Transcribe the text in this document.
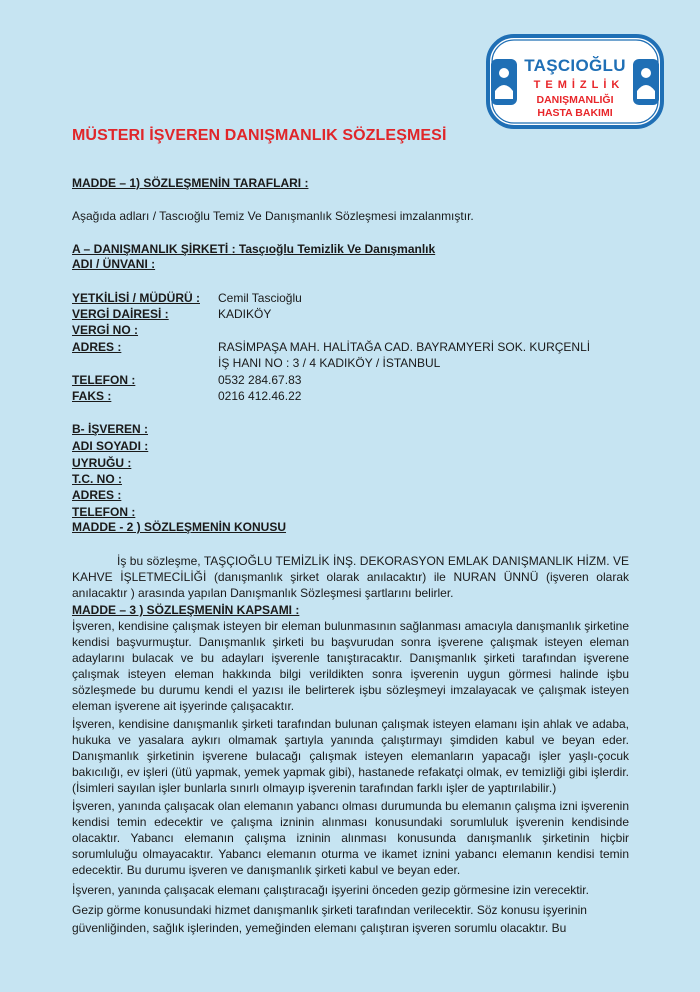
TAŞCIOĞLU
TEMİZLİK
DANIŞMANLIĞI
HASTA BAKIMI
MÜSTERI İŞVEREN DANIŞMANLIK SÖZLEŞMESİ
MADDE – 1) SÖZLEŞMENİN TARAFLARI :
Aşağıda adları / Tascıoğlu Temiz Ve Danışmanlık Sözleşmesi imzalanmıştır.
A – DANIŞMANLIK ŞİRKETİ : Tasçıoğlu Temizlik Ve Danışmanlık
ADI / ÜNVANI :
YETKİLİSİ / MÜDÜRÜ : Cemil Tascioğlu
VERGİ DAİRESİ :	KADIKÖY
VERGİ NO :
ADRES :	RASİMPAŞA MAH. HALİTAĞA CAD. BAYRAMYERİ SOK. KURÇENLİ
İŞ HANI NO : 3 / 4 KADIKÖY / İSTANBUL
TELEFON :	0532 284.67.83
FAKS :	0216 412.46.22
B- İŞVEREN :
ADI SOYADI :
UYRUĞU :
T.C. NO :
ADRES :
TELEFON :
MADDE - 2 ) SÖZLEŞMENİN KONUSU
İş bu sözleşme, TAŞÇIOĞLU TEMİZLİK İNŞ. DEKORASYON EMLAK DANIŞMANLIK HİZM. VE KAHVE İŞLETMECİLİĞİ (danışmanlık şirket olarak anılacaktır) ile NURAN ÜNNÜ (işveren olarak anılacaktır ) arasında yapılan Danışmanlık Sözleşmesi şartlarını belirler.
MADDE – 3 ) SÖZLEŞMENİN KAPSAMI :
İşveren, kendisine çalışmak isteyen bir eleman bulunmasının sağlanması amacıyla danışmanlık şirketine kendisi başvurmuştur. Danışmanlık şirketi bu başvurudan sonra işverene çalışmak isteyen eleman adaylarını bulacak ve bu adayları işverenle tanıştıracaktır. Danışmanlık şirketi tarafından işverene çalışmak isteyen eleman hakkında bilgi verildikten sonra işverenin uygun görmesi halinde işbu sözleşmede bu durumu kendi el yazısı ile belirterek işbu sözleşmeyi imzalayacak ve çalışmak isteyen eleman işverene ait işyerinde çalışacaktır.
İşveren, kendisine danışmanlık şirketi tarafından bulunan çalışmak isteyen elamanı işin ahlak ve adaba, hukuka ve yasalara aykırı olmamak şartıyla yanında çalıştırmayı şimdiden kabul ve beyan eder. Danışmanlık şirketinin işverene bulacağı çalışmak isteyen elemanların yapacağı işler yaşlı-çocuk bakıcılığı, ev işleri (ütü yapmak, yemek yapmak gibi), hastanede refakatçi olmak, ev temizliği gibi işlerdir. (İsimleri sayılan işler bunlarla sınırlı olmayıp işverenin tarafından farklı işler de yaptırılabilir.)
İşveren, yanında çalışacak olan elemanın yabancı olması durumunda bu elemanın çalışma izni işverenin kendisi temin edecektir ve çalışma izninin alınması konusundaki sorumluluk işverenin kendisinde olacaktır. Yabancı elemanın çalışma izninin alınması konusunda danışmanlık şirketinin hiçbir sorumluluğu olmayacaktır. Yabancı elemanın oturma ve ikamet iznini yabancı elemanın kendisi temin edecektir. Bu durumu işveren ve danışmanlık şirketi kabul ve beyan eder.
İşveren, yanında çalışacak elemanı çalıştıracağı işyerini önceden gezip görmesine izin verecektir.
Gezip görme konusundaki hizmet danışmanlık şirketi tarafından verilecektir. Söz konusu işyerinin
güvenliğinden, sağlık işlerinden, yemeğinden elemanı çalıştıran işveren sorumlu olacaktır. Bu
